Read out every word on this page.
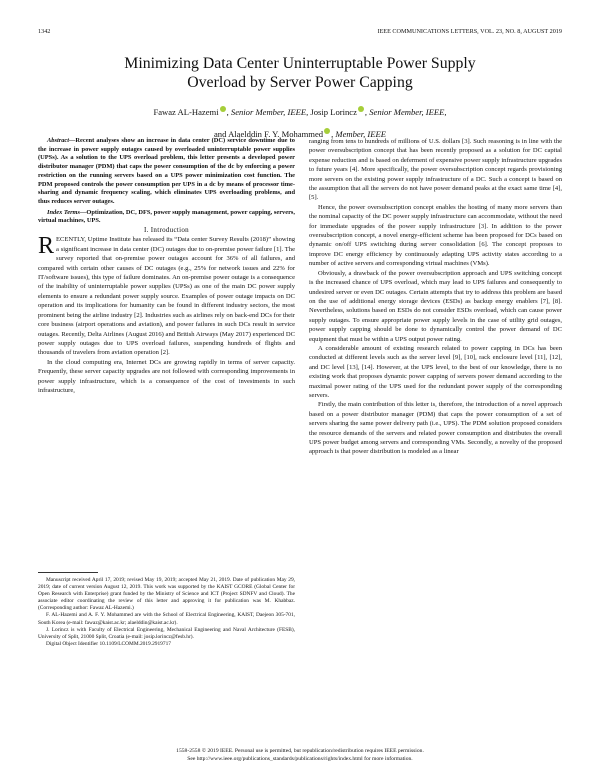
1342	IEEE COMMUNICATIONS LETTERS, VOL. 23, NO. 8, AUGUST 2019
Minimizing Data Center Uninterruptable Power Supply
Overload by Server Power Capping
Fawaz AL-Hazemi , Senior Member, IEEE, Josip Lorincz , Senior Member, IEEE,
and Alaelddin F. Y. Mohammed , Member, IEEE

Abstract—Recent analyses show an increase in data center (DC) service downtime due to the increase in power supply outages caused by overloaded uninterruptable power supplies (UPSs). As a solution to the UPS overload problem, this letter presents a developed power distributor manager (PDM) that caps the power consumption of the dc by enforcing a power restriction on the running servers based on a UPS power minimization cost function. The PDM proposed controls the power consumption per UPS in a dc by means of processor time-sharing and dynamic frequency scaling, which eliminates UPS overloading problems, and thus reduces server outages.

Index Terms—Optimization, DC, DFS, power supply management, power capping, servers, virtual machines, UPS.

I. Introduction

RECENTLY, Uptime Institute has released its “Data center Survey Results (2018)” showing a significant increase in data center (DC) outages due to on-premise power failure [1]. The survey reported that on-premise power outages account for 36% of all failures, and compared with certain other causes of DC outages (e.g., 25% for network issues and 22% for IT/software issues), this type of failure dominates. An on-premise power outage is a consequence of the inability of uninterruptable power supplies (UPSs) as one of the main DC power supply elements to ensure a redundant power supply source. Examples of power outage impacts on DC operation and its implications for humanity can be found in different industry sectors, the most prominent being the airline industry [2]. Industries such as airlines rely on back-end DCs for their core business (airport operations and aviation), and power failures in such DCs result in service outages. Recently, Delta Airlines (August 2016) and British Airways (May 2017) experienced DC power supply outages due to UPS overload failures, suspending hundreds of flights and thousands of travelers from aviation operation [2].

In the cloud computing era, Internet DCs are growing rapidly in terms of server capacity. Frequently, these server capacity upgrades are not followed with corresponding improvements in power supply infrastructure, which is a consequence of the cost of investments in such infrastructure,

Manuscript received April 17, 2019; revised May 19, 2019; accepted May 21, 2019. Date of publication May 29, 2019; date of current version August 12, 2019. This work was supported by the KAIST GCORE (Global Center for Open Research with Enterprise) grant funded by the Ministry of Science and ICT (Project SDNFV and Cloud). The associate editor coordinating the review of this letter and approving it for publication was M. Khabbaz. (Corresponding author: Fawaz AL-Hazemi.)

F. AL-Hazemi and A. F. Y. Mohammed are with the School of Electrical Engineering, KAIST, Daejeon 305-701, South Korea (e-mail: fawaz@kaist.ac.kr; alaelddin@kaist.ac.kr).

J. Lorincz is with Faculty of Electrical Engineering, Mechanical Engineering and Naval Architecture (FESB), University of Split, 21000 Split, Croatia (e-mail: josip.lorincz@fesb.hr).

Digital Object Identifier 10.1109/LCOMM.2019.2919717

ranging from tens to hundreds of millions of U.S. dollars [3]. Such reasoning is in line with the power oversubscription concept that has been recently proposed as a solution for DC capital expense reduction and is based on deferment of expensive power supply infrastructure upgrades to future years [4]. More specifically, the power oversubscription concept regards provisioning more servers on the existing power supply infrastructure of a DC. Such a concept is based on the assumption that all the servers do not have power demand peaks at the exact same time [4], [5].

Hence, the power oversubscription concept enables the hosting of many more servers than the nominal capacity of the DC power supply infrastructure can accommodate, without the need for immediate upgrades of the power supply infrastructure [3]. In addition to the power oversubscription concept, a novel energy-efficient scheme has been proposed for DCs based on dynamic on/off UPS switching during server consolidation [6]. The concept proposes to improve DC energy efficiency by continuously adapting UPS activity states according to a number of active servers and corresponding virtual machines (VMs).

Obviously, a drawback of the power oversubscription approach and UPS switching concept is the increased chance of UPS overload, which may lead to UPS failures and consequently to undesired server or even DC outages. Certain attempts that try to address this problem are based on the use of additional energy storage devices (ESDs) as backup energy enablers [7], [8]. Nevertheless, solutions based on ESDs do not consider ESDs overload, which can cause power supply outages. To ensure appropriate power supply levels in the case of utility grid outages, power supply capping should be done to dynamically control the power demand of DC equipment that must be within a UPS output power rating.

A considerable amount of existing research related to power capping in DCs has been conducted at different levels such as the server level [9], [10], rack enclosure level [11], [12], and DC level [13], [14]. However, at the UPS level, to the best of our knowledge, there is no existing work that proposes dynamic power capping of servers power demand according to the maximal power rating of the UPS used for the redundant power supply of the corresponding servers.

Firstly, the main contribution of this letter is, therefore, the introduction of a novel approach based on a power distributor manager (PDM) that caps the power consumption of a set of servers sharing the same power delivery path (i.e., UPS). The PDM solution proposed considers the resource demands of the servers and related power consumption and distributes the overall UPS power budget among servers and corresponding VMs. Secondly, a novelty of the proposed approach is that power distribution is modeled as a linear

1558-2558 © 2019 IEEE. Personal use is permitted, but republication/redistribution requires IEEE permission.
See http://www.ieee.org/publications_standards/publications/rights/index.html for more information.
